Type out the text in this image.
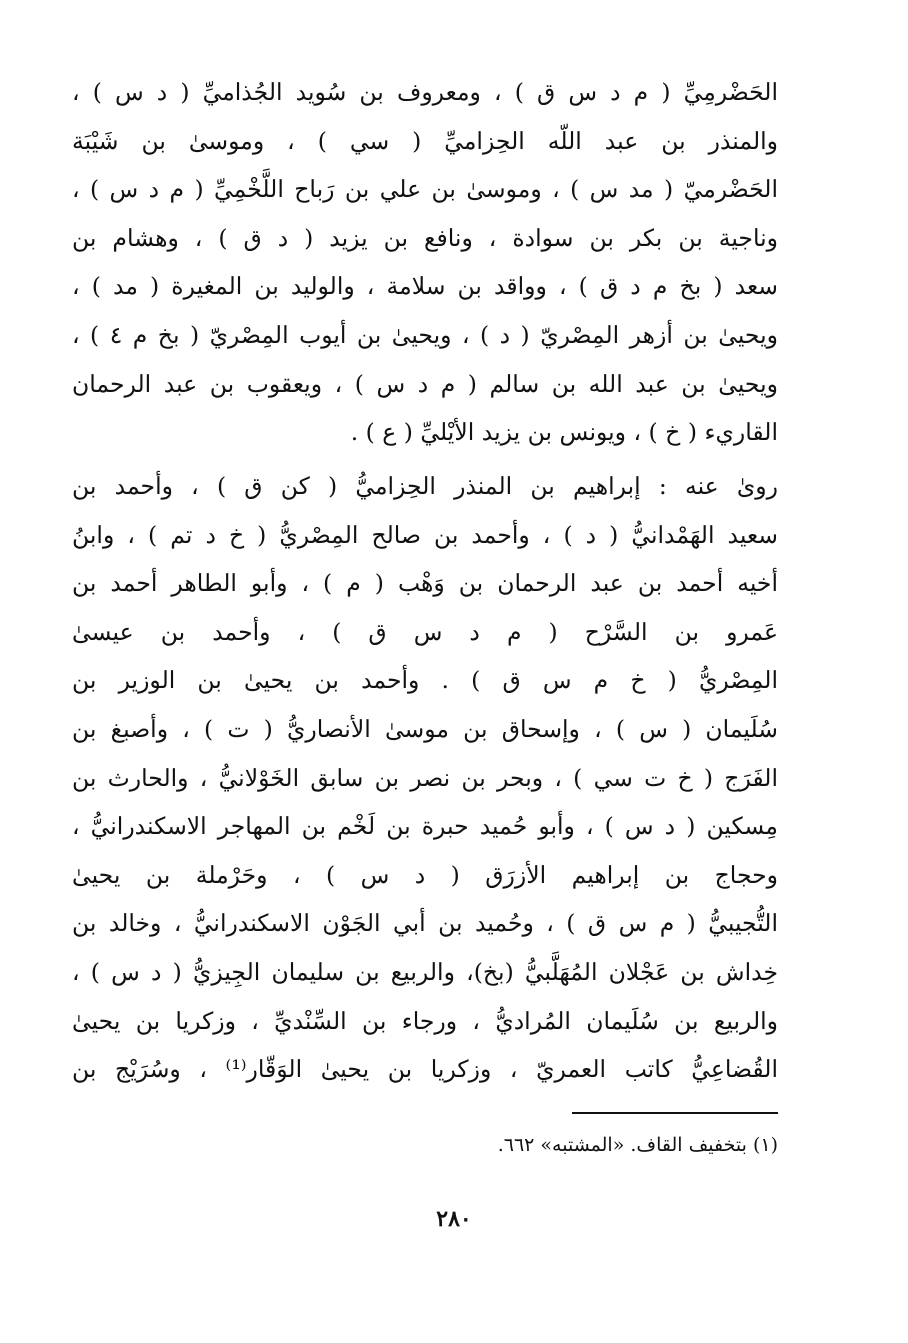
الحَضْرمِيِّ ( م د س ق ) ، ومعروف بن سُويد الجُذاميِّ ( د س ) ،
والمنذر بن عبد اللّه الحِزاميِّ ( سي ) ، وموسىٰ بن شَيْبَة
الحَضْرميّ ( مد س ) ، وموسىٰ بن علي بن رَباح اللَّخْمِيِّ ( م د س ) ،
وناجية بن بكر بن سوادة ، ونافع بن يزيد ( د ق ) ، وهشام بن
سعد ( بخ م د ق ) ، وواقد بن سلامة ، والوليد بن المغيرة ( مد ) ،
ويحيىٰ بن أزهر المِصْريّ ( د ) ، ويحيىٰ بن أيوب المِصْريّ ( بخ م ٤ ) ،
ويحيىٰ بن عبد الله بن سالم ( م د س ) ، ويعقوب بن عبد الرحمان
القاريء ( خ ) ، ويونس بن يزيد الأيْليِّ ( ع ) .
رویٰ عنه : إبراهيم بن المنذر الحِزاميُّ ( كن ق ) ، وأحمد بن
سعيد الهَمْدانيُّ ( د ) ، وأحمد بن صالح المِصْريُّ ( خ د تم ) ، وابنُ
أخيه أحمد بن عبد الرحمان بن وَهْب ( م ) ، وأبو الطاهر أحمد بن
عَمرو بن السَّرْح ( م د س ق ) ، وأحمد بن عيسىٰ
المِصْريُّ ( خ م س ق ) . وأحمد بن يحيىٰ بن الوزير بن
سُلَيمان ( س ) ، وإسحاق بن موسىٰ الأنصاريُّ ( ت ) ، وأصبغ بن
الفَرَج ( خ ت سي ) ، وبحر بن نصر بن سابق الخَوْلانيُّ ، والحارث بن
مِسكين ( د س ) ، وأبو حُميد حبرة بن لَخْم بن المهاجر الاسكندرانيُّ ،
وحجاج بن إبراهيم الأزرَق ( د س ) ، وحَرْملة بن يحيىٰ
التُّجيبيُّ ( م س ق ) ، وحُميد بن أبي الجَوْن الاسكندرانيُّ ، وخالد بن
خِداش بن عَجْلان المُهَلَّبيُّ (بخ)، والربيع بن سليمان الجِيزيُّ ( د س ) ،
والربيع بن سُلَيمان المُراديُّ ، ورجاء بن السِّنْديِّ ، وزكريا بن يحيىٰ
القُضاعِيُّ كاتب العمريّ ، وزكريا بن يحيىٰ الوَقّار⁽¹⁾ ، وسُرَيْج بن
(١) بتخفيف القاف. «المشتبه» ٦٦٢.
٢٨٠
